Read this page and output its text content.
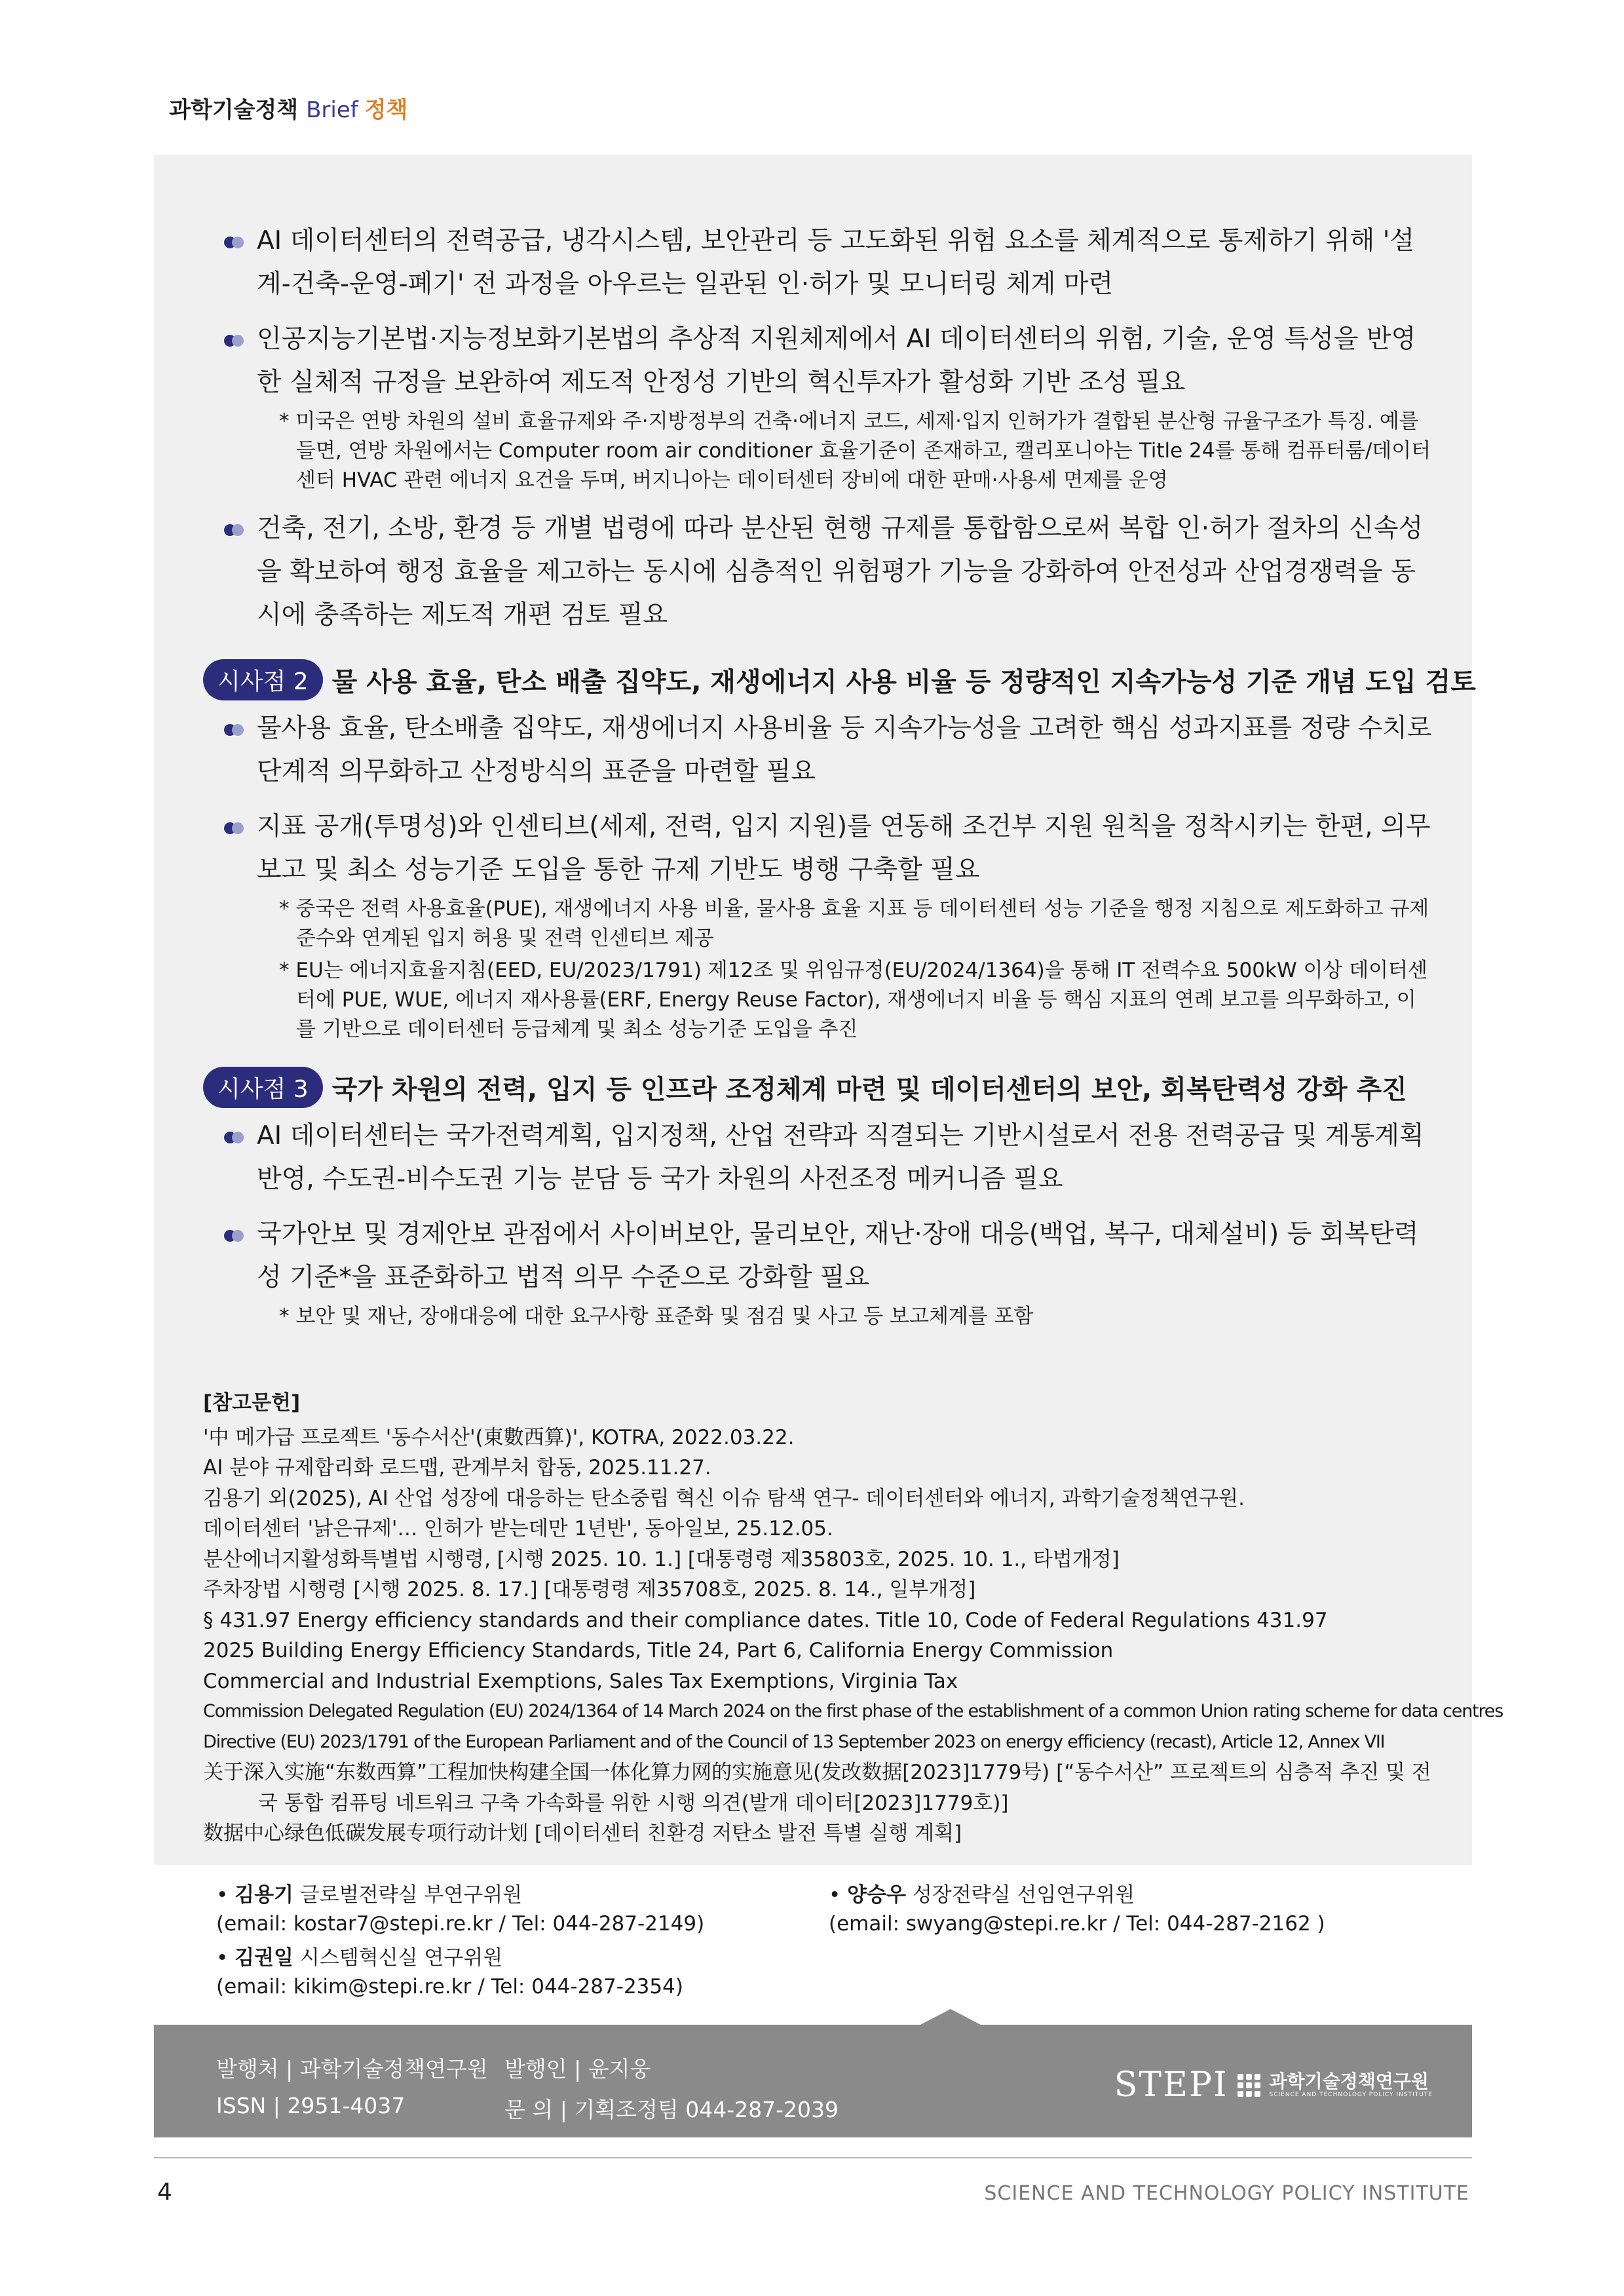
과학기술정책 Brief 정책
AI 데이터센터의 전력공급, 냉각시스템, 보안관리 등 고도화된 위험 요소를 체계적으로 통제하기 위해 '설계-건축-운영-폐기' 전 과정을 아우르는 일관된 인·허가 및 모니터링 체계 마련
인공지능기본법·지능정보화기본법의 추상적 지원체제에서 AI 데이터센터의 위험, 기술, 운영 특성을 반영한 실체적 규정을 보완하여 제도적 안정성 기반의 혁신투자가 활성화 기반 조성 필요
* 미국은 연방 차원의 설비 효율규제와 주·지방정부의 건축·에너지 코드, 세제·입지 인허가가 결합된 분산형 규율구조가 특징. 예를 들면, 연방 차원에서는 Computer room air conditioner 효율기준이 존재하고, 캘리포니아는 Title 24를 통해 컴퓨터룸/데이터센터 HVAC 관련 에너지 요건을 두며, 버지니아는 데이터센터 장비에 대한 판매·사용세 면제를 운영
건축, 전기, 소방, 환경 등 개별 법령에 따라 분산된 현행 규제를 통합함으로써 복합 인·허가 절차의 신속성을 확보하여 행정 효율을 제고하는 동시에 심층적인 위험평가 기능을 강화하여 안전성과 산업경쟁력을 동시에 충족하는 제도적 개편 검토 필요
시사점 2 물 사용 효율, 탄소 배출 집약도, 재생에너지 사용 비율 등 정량적인 지속가능성 기준 개념 도입 검토
물사용 효율, 탄소배출 집약도, 재생에너지 사용비율 등 지속가능성을 고려한 핵심 성과지표를 정량 수치로 단계적 의무화하고 산정방식의 표준을 마련할 필요
지표 공개(투명성)와 인센티브(세제, 전력, 입지 지원)를 연동해 조건부 지원 원칙을 정착시키는 한편, 의무 보고 및 최소 성능기준 도입을 통한 규제 기반도 병행 구축할 필요
* 중국은 전력 사용효율(PUE), 재생에너지 사용 비율, 물사용 효율 지표 등 데이터센터 성능 기준을 행정 지침으로 제도화하고 규제 준수와 연계된 입지 허용 및 전력 인센티브 제공
* EU는 에너지효율지침(EED, EU/2023/1791) 제12조 및 위임규정(EU/2024/1364)을 통해 IT 전력수요 500kW 이상 데이터센터에 PUE, WUE, 에너지 재사용률(ERF, Energy Reuse Factor), 재생에너지 비율 등 핵심 지표의 연례 보고를 의무화하고, 이를 기반으로 데이터센터 등급체계 및 최소 성능기준 도입을 추진
시사점 3 국가 차원의 전력, 입지 등 인프라 조정체계 마련 및 데이터센터의 보안, 회복탄력성 강화 추진
AI 데이터센터는 국가전력계획, 입지정책, 산업 전략과 직결되는 기반시설로서 전용 전력공급 및 계통계획 반영, 수도권-비수도권 기능 분담 등 국가 차원의 사전조정 메커니즘 필요
국가안보 및 경제안보 관점에서 사이버보안, 물리보안, 재난·장애 대응(백업, 복구, 대체설비) 등 회복탄력성 기준*을 표준화하고 법적 의무 수준으로 강화할 필요
* 보안 및 재난, 장애대응에 대한 요구사항 표준화 및 점검 및 사고 등 보고체계를 포함
[참고문헌]
'中 메가급 프로젝트 '동수서산'(東數西算)', KOTRA, 2022.03.22.
AI 분야 규제합리화 로드맵, 관계부처 합동, 2025.11.27.
김용기 외(2025), AI 산업 성장에 대응하는 탄소중립 혁신 이슈 탐색 연구- 데이터센터와 에너지, 과학기술정책연구원.
데이터센터 '낡은규제'… 인허가 받는데만 1년반', 동아일보, 25.12.05.
분산에너지활성화특별법 시행령, [시행 2025. 10. 1.] [대통령령 제35803호, 2025. 10. 1., 타법개정]
주차장법 시행령 [시행 2025. 8. 17.] [대통령령 제35708호, 2025. 8. 14., 일부개정]
§ 431.97 Energy efficiency standards and their compliance dates. Title 10, Code of Federal Regulations 431.97
2025 Building Energy Efficiency Standards, Title 24, Part 6, California Energy Commission
Commercial and Industrial Exemptions, Sales Tax Exemptions, Virginia Tax
Commission Delegated Regulation (EU) 2024/1364 of 14 March 2024 on the first phase of the establishment of a common Union rating scheme for data centres
Directive (EU) 2023/1791 of the European Parliament and of the Council of 13 September 2023 on energy efficiency (recast), Article 12, Annex VII
关于深入实施“东数西算”工程加快构建全国一体化算力网的实施意见(发改数据[2023]1779号) [“동수서산” 프로젝트의 심층적 추진 및 전국 통합 컴퓨팅 네트워크 구축 가속화를 위한 시행 의견(발개 데이터[2023]1779호)]
数据中心绿色低碳发展专项行动计划 [데이터센터 친환경 저탄소 발전 특별 실행 계획]
• 김용기 글로벌전략실 부연구위원
(email: kostar7@stepi.re.kr / Tel: 044-287-2149)
• 김권일 시스템혁신실 연구위원
(email: kikim@stepi.re.kr / Tel: 044-287-2354)
• 양승우 성장전략실 선임연구위원
(email: swyang@stepi.re.kr / Tel: 044-287-2162 )
발행처 | 과학기술정책연구원
ISSN | 2951-4037
발행인 | 윤지웅
문 의 | 기획조정팀 044-287-2039
STEPI 과학기술정책연구원
SCIENCE AND TECHNOLOGY POLICY INSTITUTE
4	SCIENCE AND TECHNOLOGY POLICY INSTITUTE
